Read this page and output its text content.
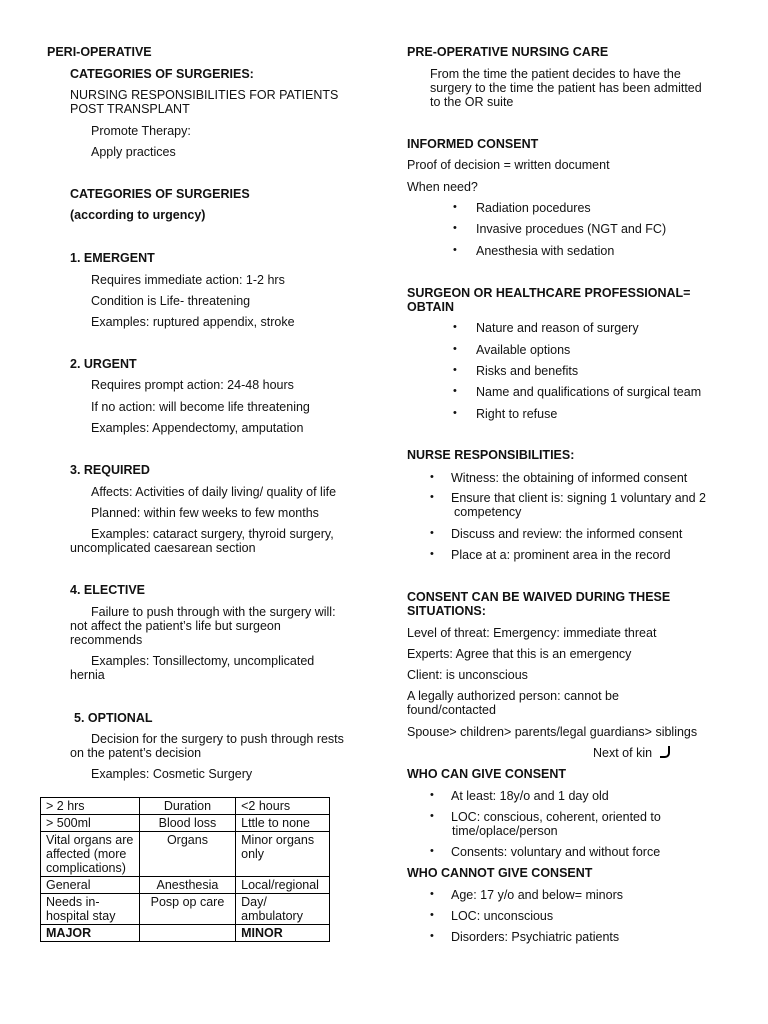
PERI-OPERATIVE
CATEGORIES OF SURGERIES:
NURSING RESPONSIBILITIES FOR PATIENTS POST TRANSPLANT
Promote Therapy:
Apply practices
CATEGORIES OF SURGERIES
(according to urgency)
1. EMERGENT
Requires immediate action: 1-2 hrs
Condition is Life- threatening
Examples: ruptured appendix, stroke
2. URGENT
Requires prompt action: 24-48 hours
If no action: will become life threatening
Examples: Appendectomy, amputation
3. REQUIRED
Affects: Activities of daily living/ quality of life
Planned: within few weeks to few months
Examples: cataract surgery, thyroid surgery,
uncomplicated caesarean section
4. ELECTIVE
Failure to push through with the surgery will:
not affect the patient’s life but surgeon
recommends
Examples: Tonsillectomy, uncomplicated
hernia
5. OPTIONAL
Decision for the surgery to push through rests
on the patent’s decision
Examples: Cosmetic Surgery
> 2 hrs	Duration	<2 hours
> 500ml	Blood loss	Lttle to none
Vital organs are affected (more complications)	Organs	Minor organs only
General	Anesthesia	Local/regional
Needs in-hospital stay	Posp op care	Day/ ambulatory
MAJOR		MINOR
PRE-OPERATIVE NURSING CARE
From the time the patient decides to have the
surgery to the time the patient has been admitted
to the OR suite
INFORMED CONSENT
Proof of decision = written document
When need?
• Radiation pocedures
• Invasive procedues (NGT and FC)
• Anesthesia with sedation
SURGEON OR HEALTHCARE PROFESSIONAL=
OBTAIN
• Nature and reason of surgery
• Available options
• Risks and benefits
• Name and qualifications of surgical team
• Right to refuse
NURSE RESPONSIBILITIES:
• Witness: the obtaining of informed consent
• Ensure that client is: signing 1 voluntary and 2
competency
• Discuss and review: the informed consent
• Place at a: prominent area in the record
CONSENT CAN BE WAIVED DURING THESE
SITUATIONS:
Level of threat: Emergency: immediate threat
Experts: Agree that this is an emergency
Client: is unconscious
A legally authorized person: cannot be
found/contacted
Spouse> children> parents/legal guardians> siblings
Next of kin
WHO CAN GIVE CONSENT
• At least: 18y/o and 1 day old
• LOC: conscious, coherent, oriented to
time/oplace/person
• Consents: voluntary and without force
WHO CANNOT GIVE CONSENT
• Age: 17 y/o and below= minors
• LOC: unconscious
• Disorders: Psychiatric patients
